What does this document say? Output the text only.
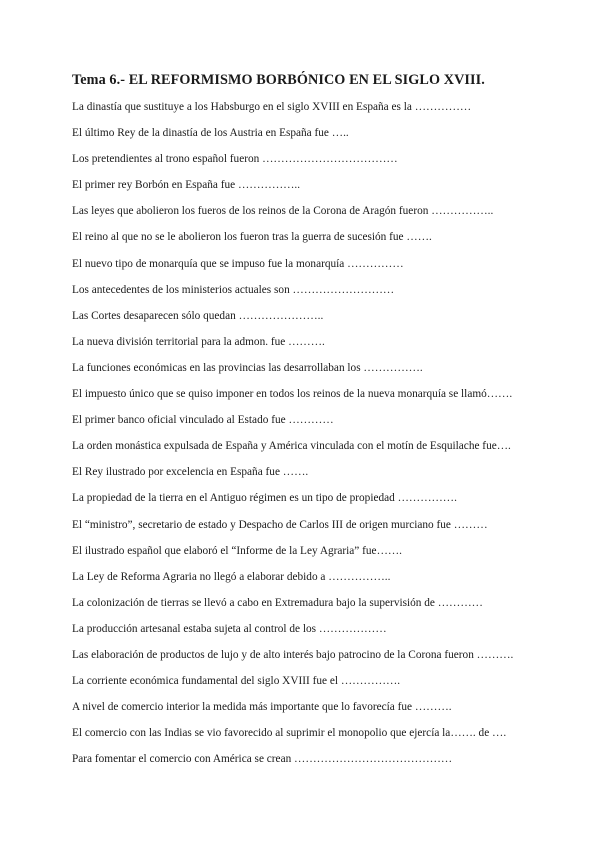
Tema 6.- EL REFORMISMO BORBÓNICO EN EL SIGLO XVIII.
La dinastía que sustituye a los Habsburgo en el siglo XVIII en España es la ……………
El último Rey de la dinastía de los Austria en España fue …..
Los pretendientes al trono español fueron ………………………………
El primer rey Borbón en España fue ……………..
Las leyes que abolieron los fueros de los reinos de la Corona de Aragón fueron ……………..
El reino al que no se le abolieron los fueron tras la guerra de sucesión fue …….
El nuevo tipo de monarquía que se impuso fue la monarquía ……………
Los antecedentes de los ministerios actuales son ………………………
Las Cortes desaparecen sólo quedan …………………..
La nueva división territorial para la admon. fue ……….
La funciones económicas en las provincias las desarrollaban los …………….
El impuesto único que se quiso imponer en todos los reinos de la nueva monarquía se llamó…….
El primer banco oficial vinculado al Estado fue …………
La orden monástica expulsada de España y América vinculada con el motín de Esquilache fue….
El Rey ilustrado por excelencia en España fue …….
La propiedad de la tierra en el Antiguo régimen es un tipo de propiedad …………….
El “ministro”, secretario de estado y Despacho de Carlos III de origen murciano fue ………
El ilustrado español que elaboró el “Informe de la Ley Agraria” fue…….
La Ley de Reforma Agraria no llegó a elaborar debido a ……………..
La colonización de tierras se llevó a cabo en Extremadura bajo la supervisión de …………
La producción artesanal estaba sujeta al control de los ………………
Las elaboración de productos de lujo y de alto interés bajo patrocino de la Corona fueron ……….
La corriente económica fundamental del siglo XVIII fue el …………….
A nivel de comercio interior la medida más importante que lo favorecía fue ……….
El comercio con las Indias se vio favorecido al suprimir el monopolio que ejercía la……. de ….
Para fomentar el comercio con América se crean ……………………………………
